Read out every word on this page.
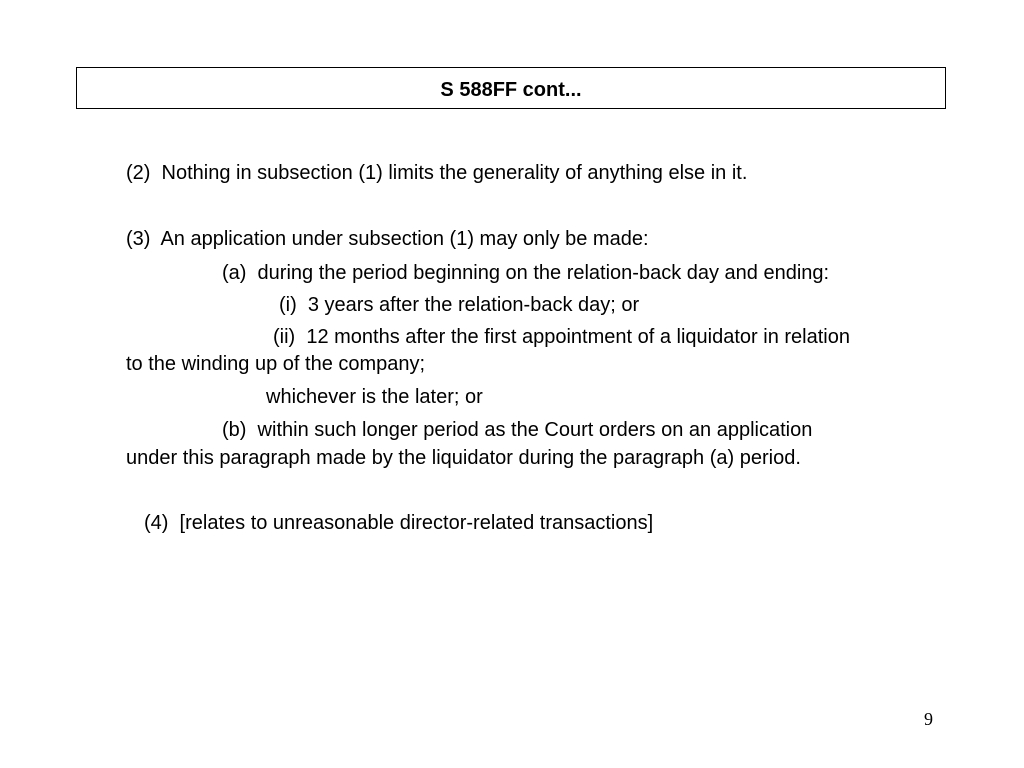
S 588FF cont...
(2)  Nothing in subsection (1) limits the generality of anything else in it.
(3)  An application under subsection (1) may only be made:
(a)  during the period beginning on the relation-back day and ending:
(i)  3 years after the relation-back day; or
(ii)  12 months after the first appointment of a liquidator in relation
to the winding up of the company;
whichever is the later; or
(b)  within such longer period as the Court orders on an application
under this paragraph made by the liquidator during the paragraph (a) period.
(4)  [relates to unreasonable director-related transactions]
9
